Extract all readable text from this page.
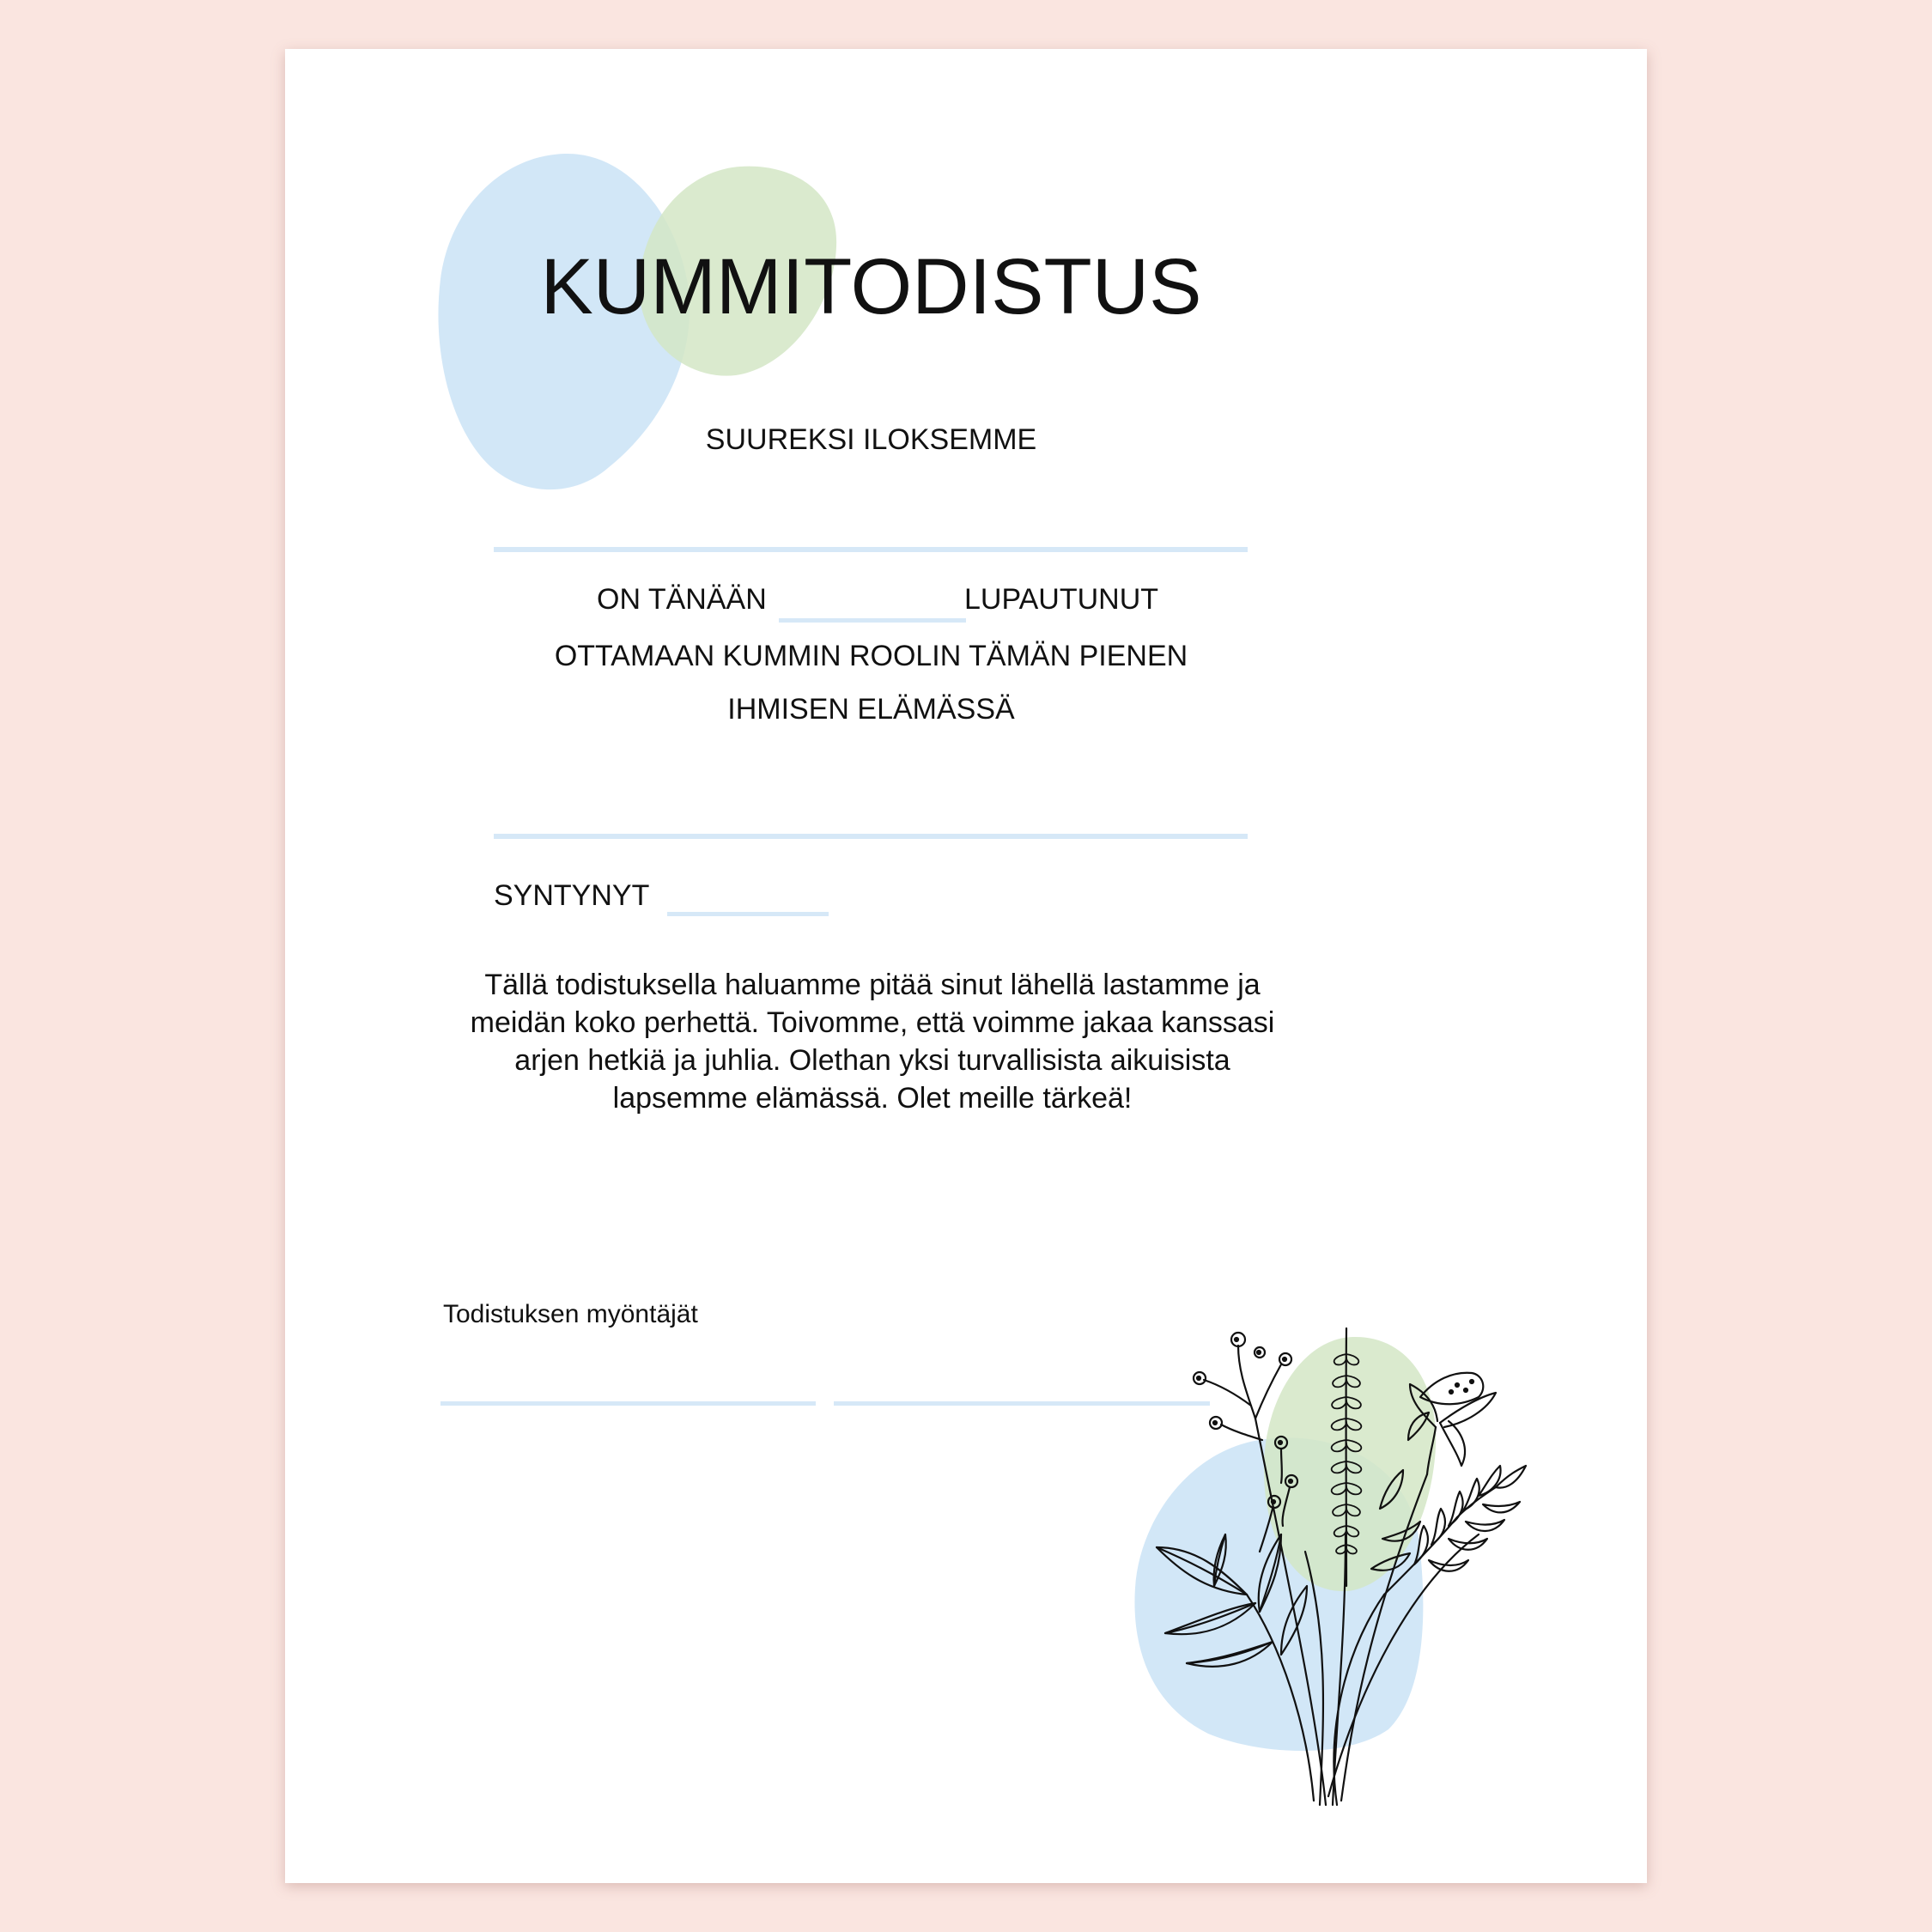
KUMMITODISTUS
SUUREKSI ILOKSEMME
ON TÄNÄÄN	LUPAUTUNUT
OTTAMAAN KUMMIN ROOLIN TÄMÄN PIENEN
IHMISEN ELÄMÄSSÄ
SYNTYNYT
Tällä todistuksella haluamme pitää sinut lähellä lastamme ja meidän koko perhettä. Toivomme, että voimme jakaa kanssasi arjen hetkiä ja juhlia. Olethan yksi turvallisista aikuisista lapsemme elämässä. Olet meille tärkeä!
Todistuksen myöntäjät
